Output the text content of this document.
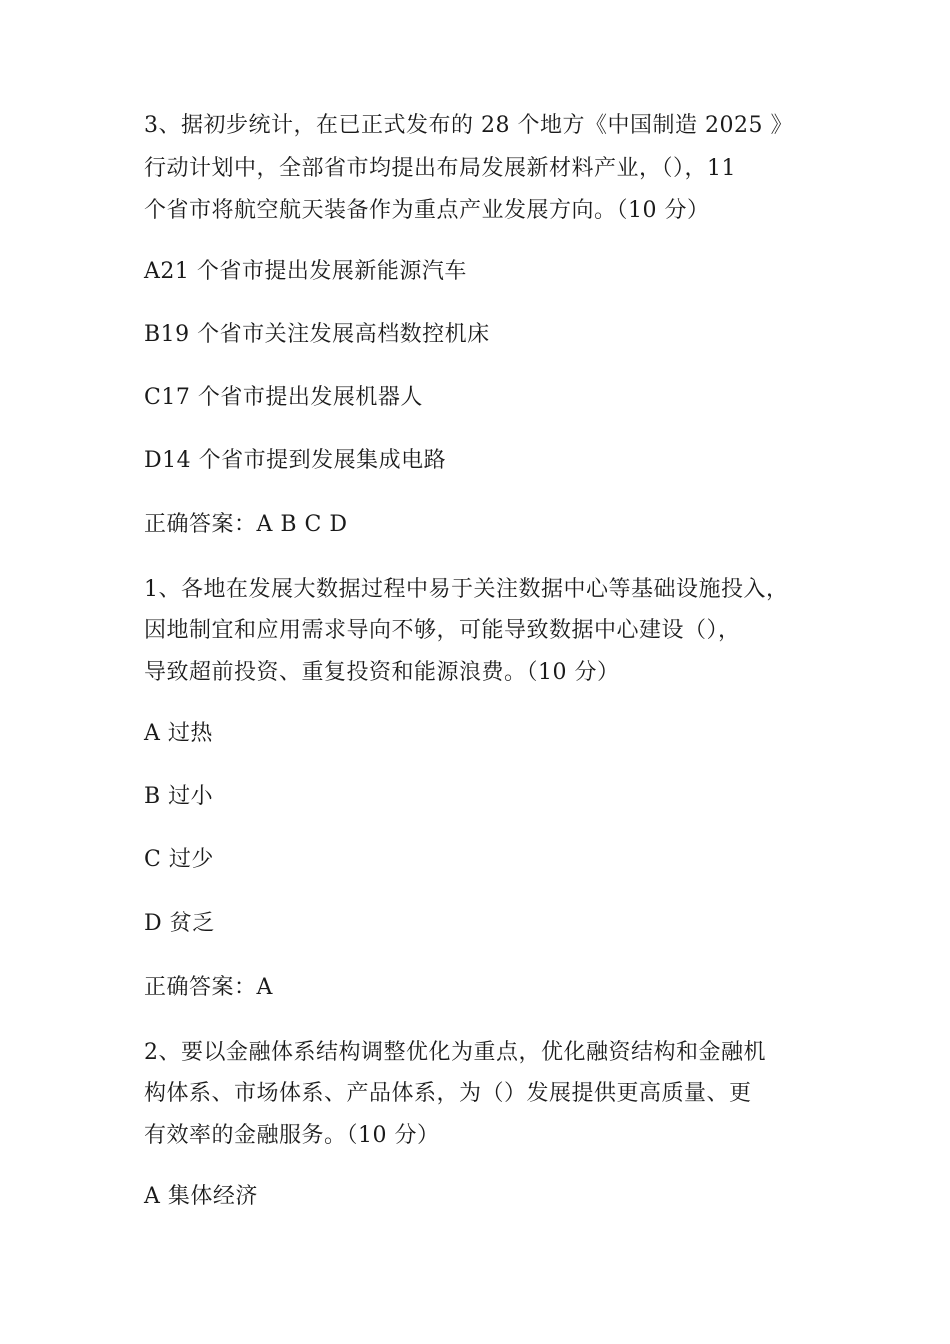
3、据初步统计，在已正式发布的 28 个地方《中国制造 2025 》
行动计划中，全部省市均提出布局发展新材料产业，（），11
个省市将航空航天装备作为重点产业发展方向。（10 分）
A21 个省市提出发展新能源汽车
B19 个省市关注发展高档数控机床
C17 个省市提出发展机器人
D14 个省市提到发展集成电路
正确答案：A B C D
1、各地在发展大数据过程中易于关注数据中心等基础设施投入，
因地制宜和应用需求导向不够，可能导致数据中心建设（），
导致超前投资、重复投资和能源浪费。（10 分）
A 过热
B 过小
C 过少
D 贫乏
正确答案：A
2、要以金融体系结构调整优化为重点，优化融资结构和金融机
构体系、市场体系、产品体系，为（）发展提供更高质量、更
有效率的金融服务。（10 分）
A 集体经济
